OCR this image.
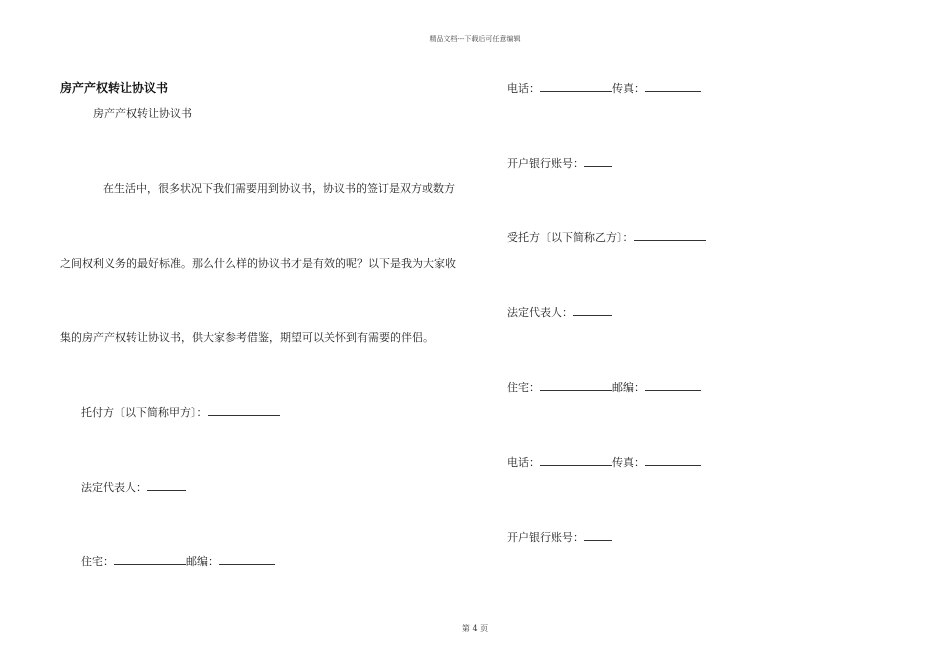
精品文档---下载后可任意编辑
房产产权转让协议书
房产产权转让协议书
在生活中，很多状况下我们需要用到协议书，协议书的签订是双方或数方
之间权利义务的最好标准。那么什么样的协议书才是有效的呢？以下是我为大家收
集的房产产权转让协议书，供大家参考借鉴，期望可以关怀到有需要的伴侣。
托付方〔以下简称甲方〕：
法定代表人：
住宅：	邮编：
电话：	传真：
开户银行账号：
受托方〔以下简称乙方〕：
法定代表人：
住宅：	邮编：
电话：	传真：
开户银行账号：
第 4 页
